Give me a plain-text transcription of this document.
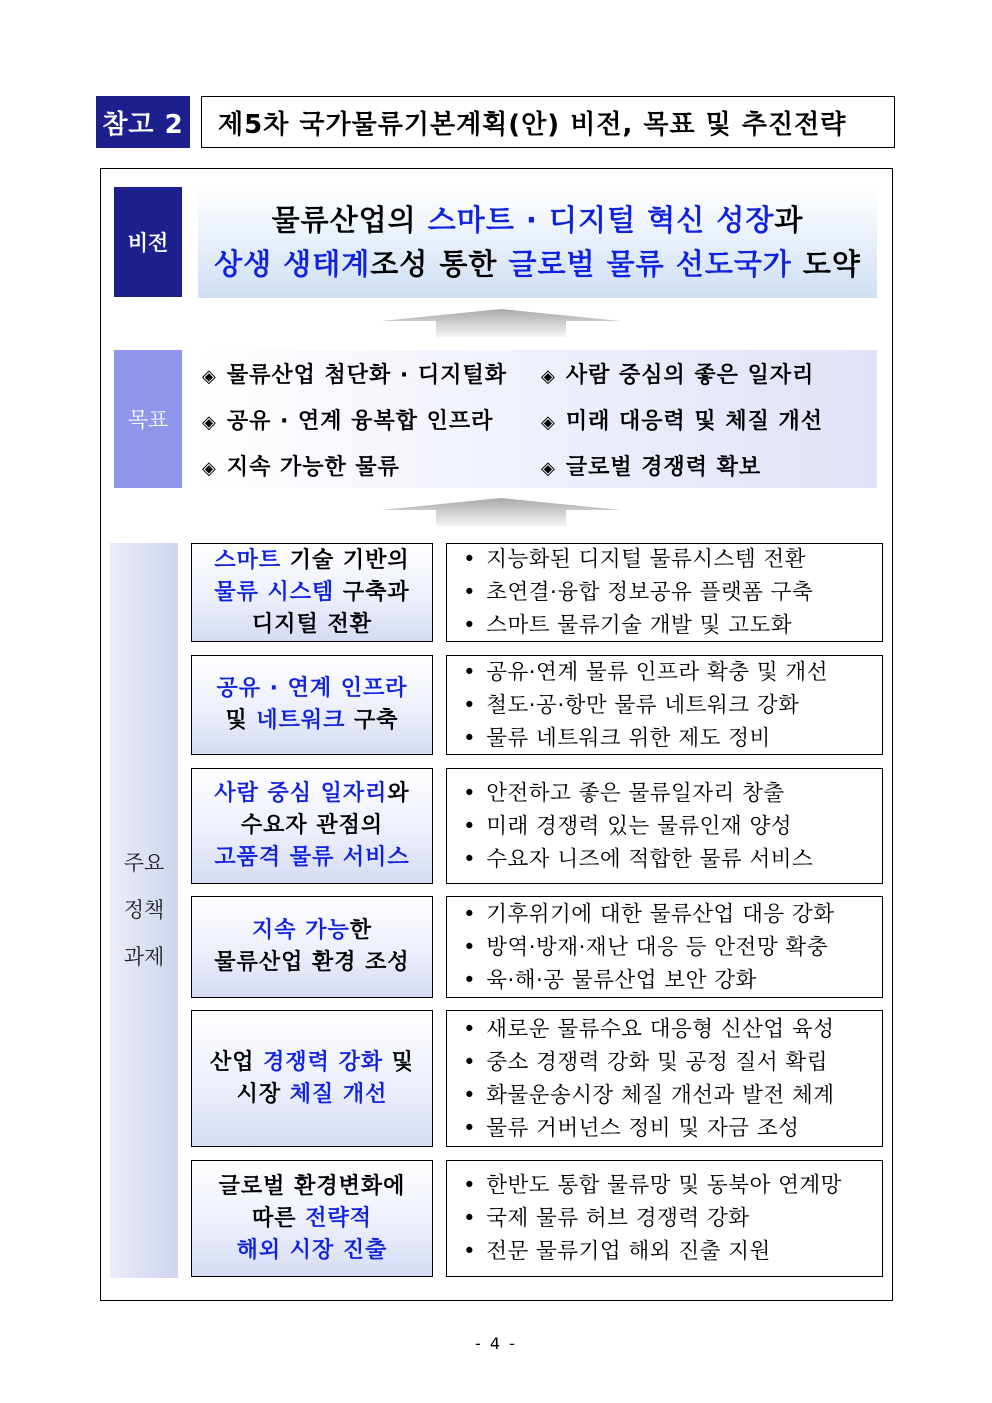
참고 2	제5차 국가물류기본계획(안) 비전, 목표 및 추진전략
비전
물류산업의 스마트 · 디지털 혁신 성장과
상생 생태계조성 통한 글로벌 물류 선도국가 도약
목표
◈ 물류산업 첨단화 · 디지털화 ◈ 사람 중심의 좋은 일자리
◈ 공유 · 연계 융복합 인프라	◈ 미래 대응력 및 체질 개선
◈ 지속 가능한 물류	◈ 글로벌 경쟁력 확보
주요
정책
과제
스마트 기술 기반의
물류 시스템 구축과
디지털 전환
• 지능화된 디지털 물류시스템 전환
• 초연결·융합 정보공유 플랫폼 구축
• 스마트 물류기술 개발 및 고도화
공유 · 연계 인프라
및 네트워크 구축
• 공유·연계 물류 인프라 확충 및 개선
• 철도·공·항만 물류 네트워크 강화
• 물류 네트워크 위한 제도 정비
사람 중심 일자리와
수요자 관점의
고품격 물류 서비스
• 안전하고 좋은 물류일자리 창출
• 미래 경쟁력 있는 물류인재 양성
• 수요자 니즈에 적합한 물류 서비스
지속 가능한
물류산업 환경 조성
• 기후위기에 대한 물류산업 대응 강화
• 방역·방재·재난 대응 등 안전망 확충
• 육·해·공 물류산업 보안 강화
산업 경쟁력 강화 및
시장 체질 개선
• 새로운 물류수요 대응형 신산업 육성
• 중소 경쟁력 강화 및 공정 질서 확립
• 화물운송시장 체질 개선과 발전 체계
• 물류 거버넌스 정비 및 자금 조성
글로벌 환경변화에
따른 전략적
해외 시장 진출
• 한반도 통합 물류망 및 동북아 연계망
• 국제 물류 허브 경쟁력 강화
• 전문 물류기업 해외 진출 지원
- 4 -
